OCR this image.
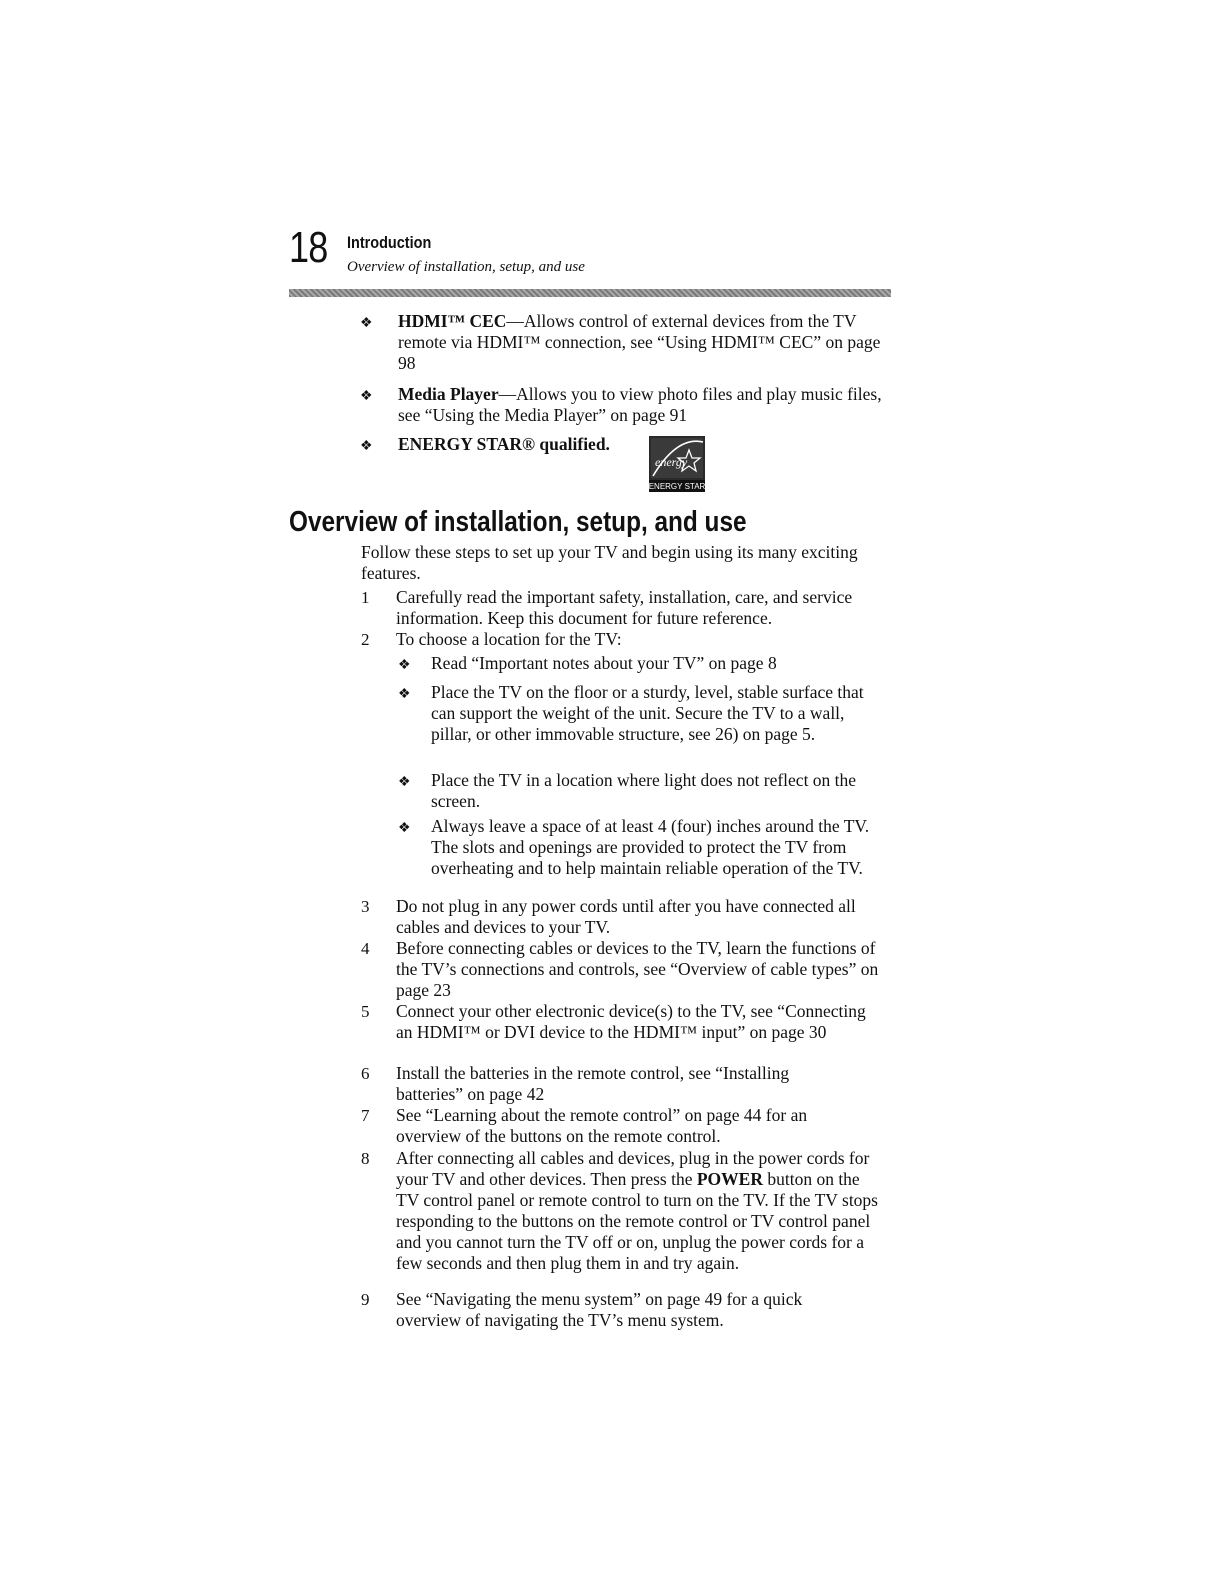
18 Introduction
Overview of installation, setup, and use
❖ HDMI™ CEC—Allows control of external devices from the TV remote via HDMI™ connection, see “Using HDMI™ CEC” on page 98
❖ Media Player—Allows you to view photo files and play music files, see “Using the Media Player” on page 91
❖ ENERGY STAR® qualified.
energy
ENERGY STAR
Overview of installation, setup, and use
Follow these steps to set up your TV and begin using its many exciting features.
1 Carefully read the important safety, installation, care, and service information. Keep this document for future reference.
2 To choose a location for the TV:
❖ Read “Important notes about your TV” on page 8
❖ Place the TV on the floor or a sturdy, level, stable surface that can support the weight of the unit. Secure the TV to a wall, pillar, or other immovable structure, see 26) on page 5.
❖ Place the TV in a location where light does not reflect on the screen.
❖ Always leave a space of at least 4 (four) inches around the TV. The slots and openings are provided to protect the TV from overheating and to help maintain reliable operation of the TV.
3 Do not plug in any power cords until after you have connected all cables and devices to your TV.
4 Before connecting cables or devices to the TV, learn the functions of the TV’s connections and controls, see “Overview of cable types” on page 23
5 Connect your other electronic device(s) to the TV, see “Connecting an HDMI™ or DVI device to the HDMI™ input” on page 30
6 Install the batteries in the remote control, see “Installing batteries” on page 42
7 See “Learning about the remote control” on page 44 for an overview of the buttons on the remote control.
8 After connecting all cables and devices, plug in the power cords for your TV and other devices. Then press the POWER button on the TV control panel or remote control to turn on the TV. If the TV stops responding to the buttons on the remote control or TV control panel and you cannot turn the TV off or on, unplug the power cords for a few seconds and then plug them in and try again.
9 See “Navigating the menu system” on page 49 for a quick overview of navigating the TV’s menu system.
